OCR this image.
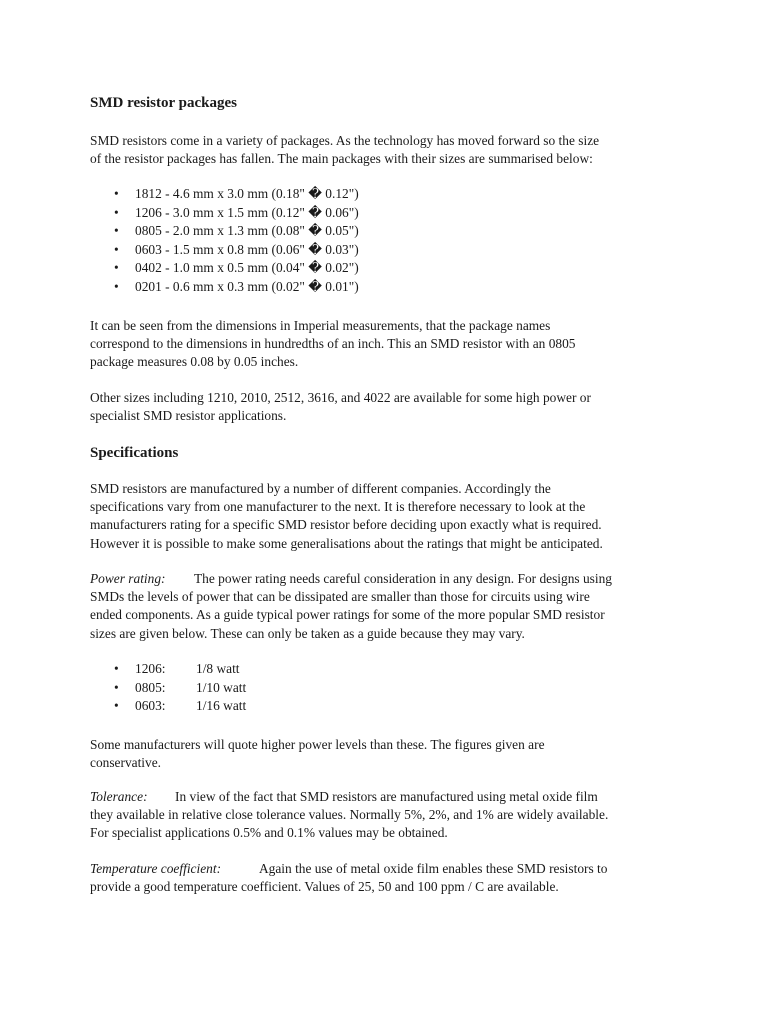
SMD resistor packages

SMD resistors come in a variety of packages. As the technology has moved forward so the size
of the resistor packages has fallen. The main packages with their sizes are summarised below:

• 1812 - 4.6 mm x 3.0 mm (0.18" � 0.12")
• 1206 - 3.0 mm x 1.5 mm (0.12" � 0.06")
• 0805 - 2.0 mm x 1.3 mm (0.08" � 0.05")
• 0603 - 1.5 mm x 0.8 mm (0.06" � 0.03")
• 0402 - 1.0 mm x 0.5 mm (0.04" � 0.02")
• 0201 - 0.6 mm x 0.3 mm (0.02" � 0.01")

It can be seen from the dimensions in Imperial measurements, that the package names
correspond to the dimensions in hundredths of an inch. This an SMD resistor with an 0805
package measures 0.08 by 0.05 inches.

Other sizes including 1210, 2010, 2512, 3616, and 4022 are available for some high power or
specialist SMD resistor applications.

Specifications

SMD resistors are manufactured by a number of different companies. Accordingly the
specifications vary from one manufacturer to the next. It is therefore necessary to look at the
manufacturers rating for a specific SMD resistor before deciding upon exactly what is required.
However it is possible to make some generalisations about the ratings that might be anticipated.

Power rating: The power rating needs careful consideration in any design. For designs using
SMDs the levels of power that can be dissipated are smaller than those for circuits using wire
ended components. As a guide typical power ratings for some of the more popular SMD resistor
sizes are given below. These can only be taken as a guide because they may vary.

• 1206: 1/8 watt
• 0805: 1/10 watt
• 0603: 1/16 watt

Some manufacturers will quote higher power levels than these. The figures given are
conservative.

Tolerance: In view of the fact that SMD resistors are manufactured using metal oxide film
they available in relative close tolerance values. Normally 5%, 2%, and 1% are widely available.
For specialist applications 0.5% and 0.1% values may be obtained.

Temperature coefficient:	Again the use of metal oxide film enables these SMD resistors to
provide a good temperature coefficient. Values of 25, 50 and 100 ppm / C are available.
